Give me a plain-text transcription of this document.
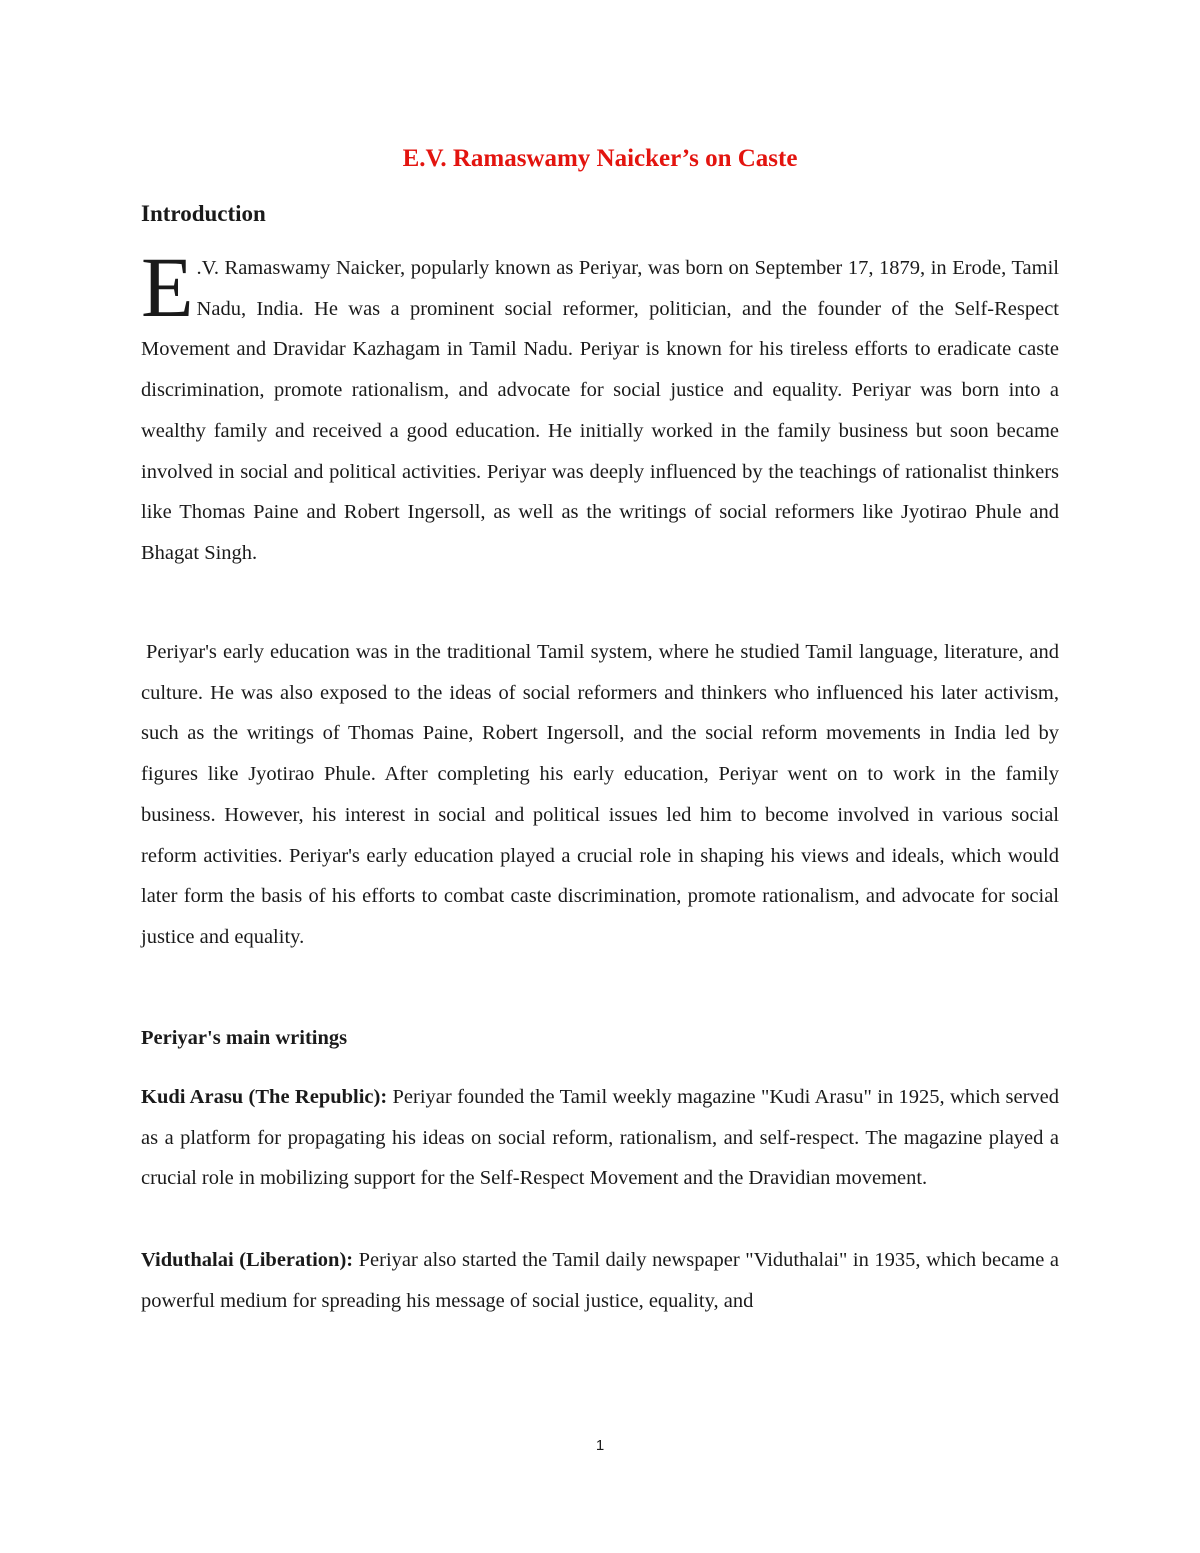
E.V. Ramaswamy Naicker’s on Caste
Introduction

E .V. Ramaswamy Naicker, popularly known as Periyar, was born on September 17, 1879, in Erode, Tamil Nadu, India. He was a prominent social reformer, politician, and the founder of the Self-Respect Movement and Dravidar Kazhagam in Tamil Nadu. Periyar is known for his tireless efforts to eradicate caste discrimination, promote rationalism, and advocate for social justice and equality. Periyar was born into a wealthy family and received a good education. He initially worked in the family business but soon became involved in social and political activities. Periyar was deeply influenced by the teachings of rationalist thinkers like Thomas Paine and Robert Ingersoll, as well as the writings of social reformers like Jyotirao Phule and Bhagat Singh.

Periyar's early education was in the traditional Tamil system, where he studied Tamil language, literature, and culture. He was also exposed to the ideas of social reformers and thinkers who influenced his later activism, such as the writings of Thomas Paine, Robert Ingersoll, and the social reform movements in India led by figures like Jyotirao Phule. After completing his early education, Periyar went on to work in the family business. However, his interest in social and political issues led him to become involved in various social reform activities. Periyar's early education played a crucial role in shaping his views and ideals, which would later form the basis of his efforts to combat caste discrimination, promote rationalism, and advocate for social justice and equality.

Periyar's main writings

Kudi Arasu (The Republic): Periyar founded the Tamil weekly magazine "Kudi Arasu" in 1925, which served as a platform for propagating his ideas on social reform, rationalism, and self-respect. The magazine played a crucial role in mobilizing support for the Self-Respect Movement and the Dravidian movement.

Viduthalai (Liberation): Periyar also started the Tamil daily newspaper "Viduthalai" in 1935, which became a powerful medium for spreading his message of social justice, equality, and

1
